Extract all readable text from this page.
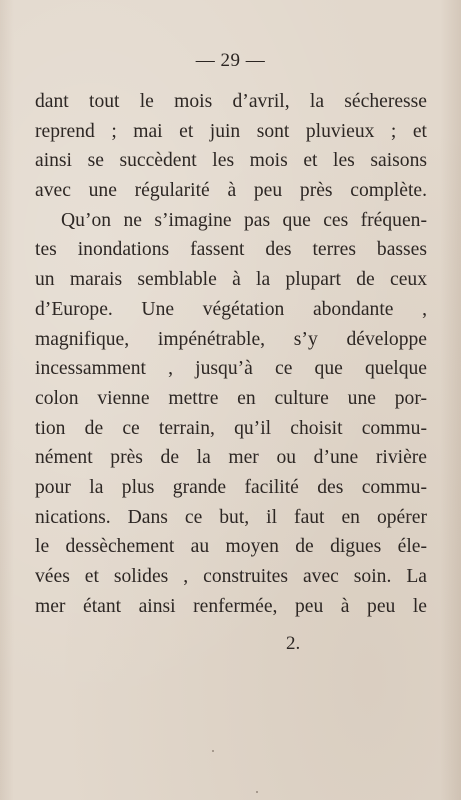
— 29 —
dant tout le mois d’avril, la sécheresse
reprend ; mai et juin sont pluvieux ; et
ainsi se succèdent les mois et les saisons
avec une régularité à peu près complète.
Qu’on ne s’imagine pas que ces fréquen-
tes inondations fassent des terres basses
un marais semblable à la plupart de ceux
d’Europe. Une végétation abondante ,
magnifique, impénétrable, s’y développe
incessamment , jusqu’à ce que quelque
colon vienne mettre en culture une por-
tion de ce terrain, qu’il choisit commu-
nément près de la mer ou d’une rivière
pour la plus grande facilité des commu-
nications. Dans ce but, il faut en opérer
le dessèchement au moyen de digues éle-
vées et solides , construites avec soin. La
mer étant ainsi renfermée, peu à peu le
2.
